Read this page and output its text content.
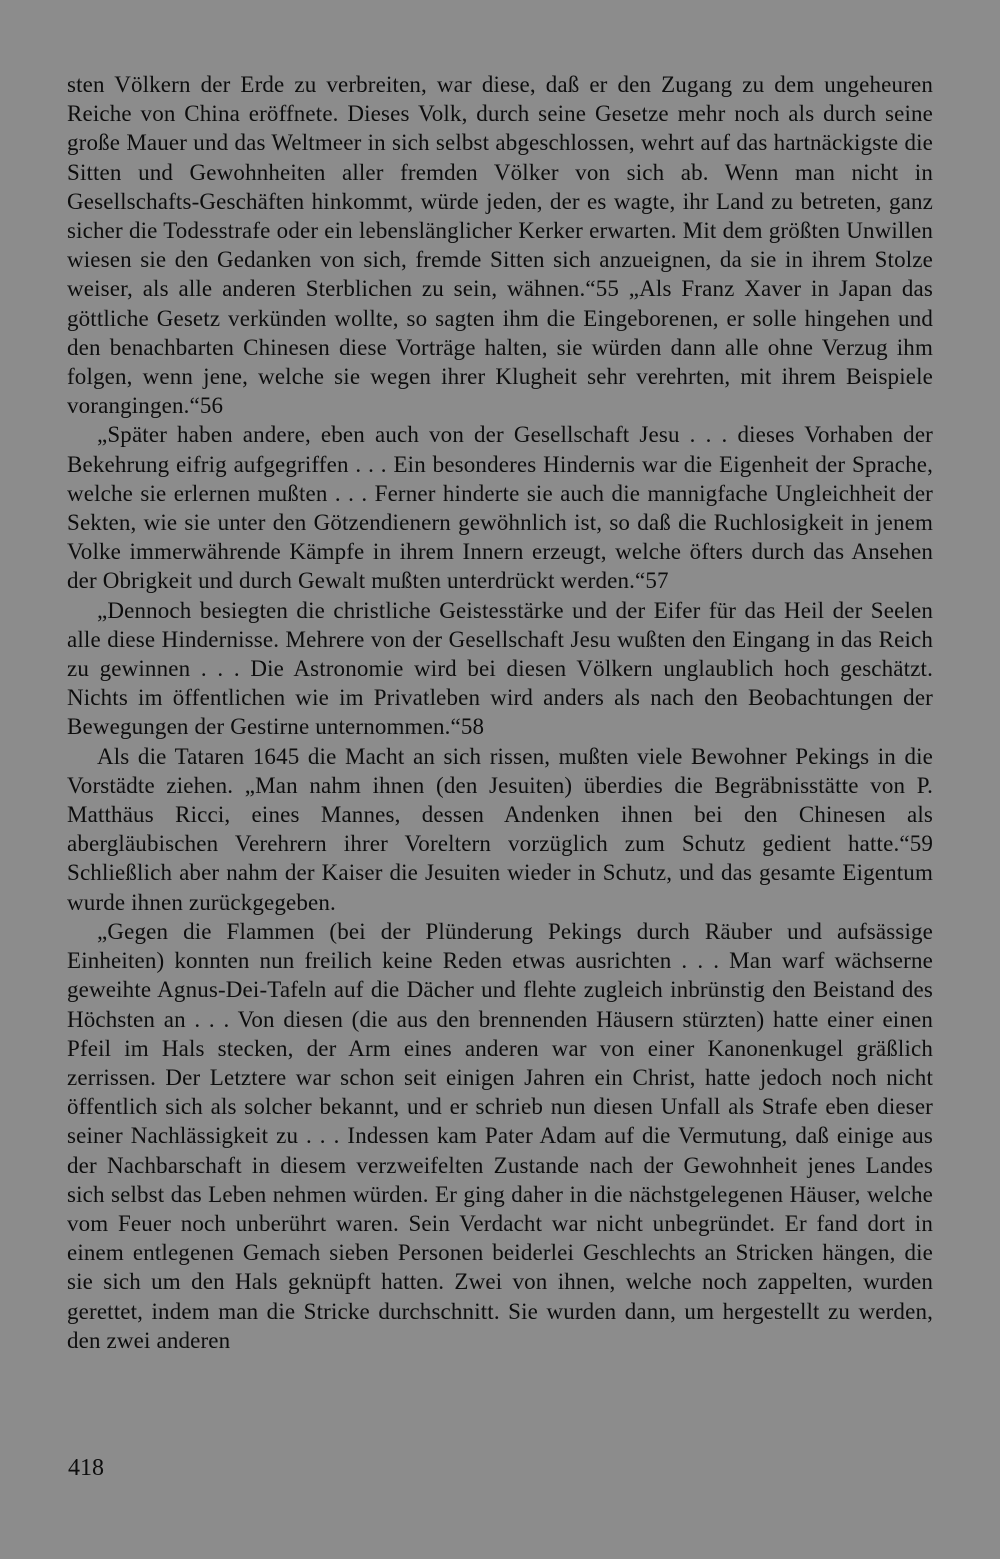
sten Völkern der Erde zu verbreiten, war diese, daß er den Zugang zu dem ungeheuren Reiche von China eröffnete. Dieses Volk, durch seine Gesetze mehr noch als durch seine große Mauer und das Weltmeer in sich selbst abgeschlossen, wehrt auf das hartnäckigste die Sitten und Gewohnheiten aller fremden Völker von sich ab. Wenn man nicht in Gesellschafts-Geschäften hinkommt, würde jeden, der es wagte, ihr Land zu betreten, ganz sicher die Todesstrafe oder ein lebenslänglicher Kerker erwarten. Mit dem größten Unwillen wiesen sie den Gedanken von sich, fremde Sitten sich anzueignen, da sie in ihrem Stolze weiser, als alle anderen Sterblichen zu sein, wähnen.“55 „Als Franz Xaver in Japan das göttliche Gesetz verkünden wollte, so sagten ihm die Eingeborenen, er solle hingehen und den benachbarten Chinesen diese Vorträge halten, sie würden dann alle ohne Verzug ihm folgen, wenn jene, welche sie wegen ihrer Klugheit sehr verehrten, mit ihrem Beispiele vorangingen.“56

„Später haben andere, eben auch von der Gesellschaft Jesu . . . dieses Vorhaben der Bekehrung eifrig aufgegriffen . . . Ein besonderes Hindernis war die Eigenheit der Sprache, welche sie erlernen mußten . . . Ferner hinderte sie auch die mannigfache Ungleichheit der Sekten, wie sie unter den Götzendienern gewöhnlich ist, so daß die Ruchlosigkeit in jenem Volke immerwährende Kämpfe in ihrem Innern erzeugt, welche öfters durch das Ansehen der Obrigkeit und durch Gewalt mußten unterdrückt werden.“57

„Dennoch besiegten die christliche Geistesstärke und der Eifer für das Heil der Seelen alle diese Hindernisse. Mehrere von der Gesellschaft Jesu wußten den Eingang in das Reich zu gewinnen . . . Die Astronomie wird bei diesen Völkern unglaublich hoch geschätzt. Nichts im öffentlichen wie im Privatleben wird anders als nach den Beobachtungen der Bewegungen der Gestirne unternommen.“58

Als die Tataren 1645 die Macht an sich rissen, mußten viele Bewohner Pekings in die Vorstädte ziehen. „Man nahm ihnen (den Jesuiten) überdies die Begräbnisstätte von P. Matthäus Ricci, eines Mannes, dessen Andenken ihnen bei den Chinesen als abergläubischen Verehrern ihrer Voreltern vorzüglich zum Schutz gedient hatte.“59 Schließlich aber nahm der Kaiser die Jesuiten wieder in Schutz, und das gesamte Eigentum wurde ihnen zurückgegeben.

„Gegen die Flammen (bei der Plünderung Pekings durch Räuber und aufsässige Einheiten) konnten nun freilich keine Reden etwas ausrichten . . . Man warf wächserne geweihte Agnus-Dei-Tafeln auf die Dächer und flehte zugleich inbrünstig den Beistand des Höchsten an . . . Von diesen (die aus den brennenden Häusern stürzten) hatte einer einen Pfeil im Hals stecken, der Arm eines anderen war von einer Kanonenkugel gräßlich zerrissen. Der Letztere war schon seit einigen Jahren ein Christ, hatte jedoch noch nicht öffentlich sich als solcher bekannt, und er schrieb nun diesen Unfall als Strafe eben dieser seiner Nachlässigkeit zu . . . Indessen kam Pater Adam auf die Vermutung, daß einige aus der Nachbarschaft in diesem verzweifelten Zustande nach der Gewohnheit jenes Landes sich selbst das Leben nehmen würden. Er ging daher in die nächstgelegenen Häuser, welche vom Feuer noch unberührt waren. Sein Verdacht war nicht unbegründet. Er fand dort in einem entlegenen Gemach sieben Personen beiderlei Geschlechts an Stricken hängen, die sie sich um den Hals geknüpft hatten. Zwei von ihnen, welche noch zappelten, wurden gerettet, indem man die Stricke durchschnitt. Sie wurden dann, um hergestellt zu werden, den zwei anderen

418
